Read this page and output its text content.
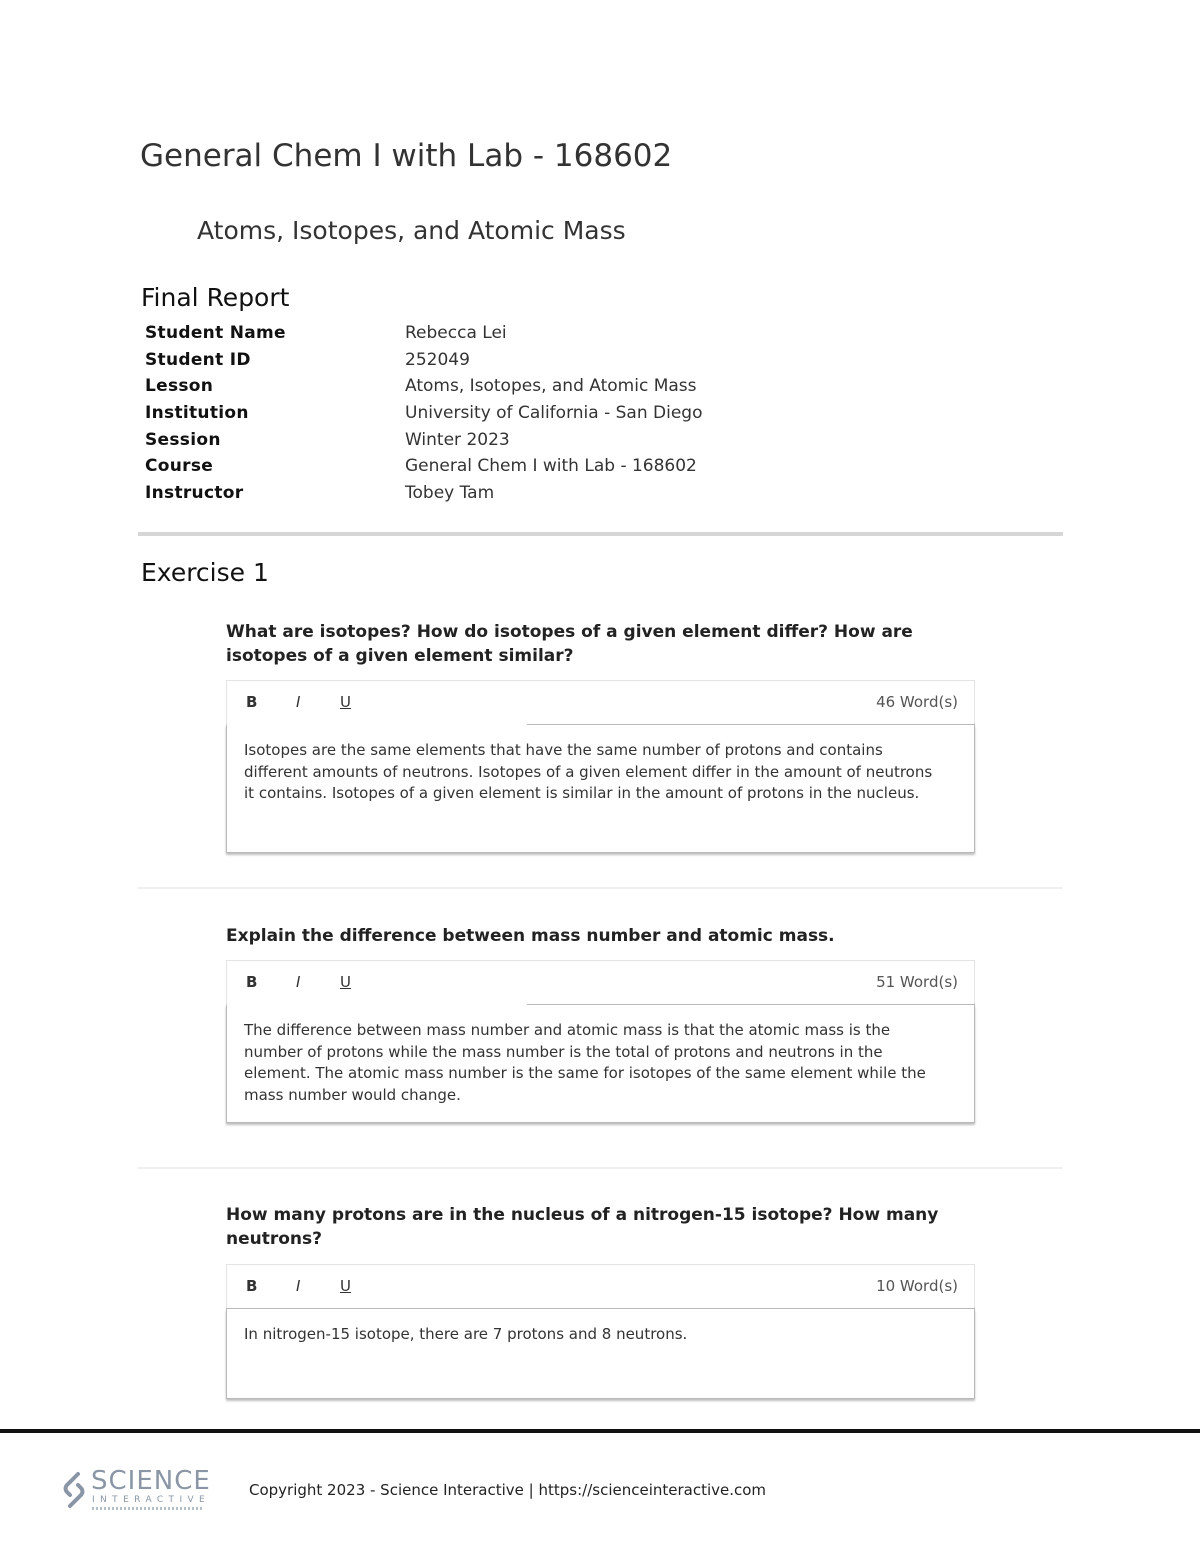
General Chem I with Lab - 168602
Atoms, Isotopes, and Atomic Mass
Final Report
Student Name	Rebecca Lei
Student ID	252049
Lesson	Atoms, Isotopes, and Atomic Mass
Institution	University of California - San Diego
Session	Winter 2023
Course	General Chem I with Lab - 168602
Instructor	Tobey Tam
Exercise 1
What are isotopes? How do isotopes of a given element differ? How are isotopes of a given element similar?
B	I	U	46 Word(s)
Isotopes are the same elements that have the same number of protons and contains different amounts of neutrons. Isotopes of a given element differ in the amount of neutrons it contains. Isotopes of a given element is similar in the amount of protons in the nucleus.
Explain the difference between mass number and atomic mass.
B	I	U	51 Word(s)
The difference between mass number and atomic mass is that the atomic mass is the number of protons while the mass number is the total of protons and neutrons in the element. The atomic mass number is the same for isotopes of the same element while the mass number would change.
How many protons are in the nucleus of a nitrogen-15 isotope? How many neutrons?
B	I	U	10 Word(s)
In nitrogen-15 isotope, there are 7 protons and 8 neutrons.
SCIENCE
INTERACTIVE
Copyright 2023 - Science Interactive | https://scienceinteractive.com
